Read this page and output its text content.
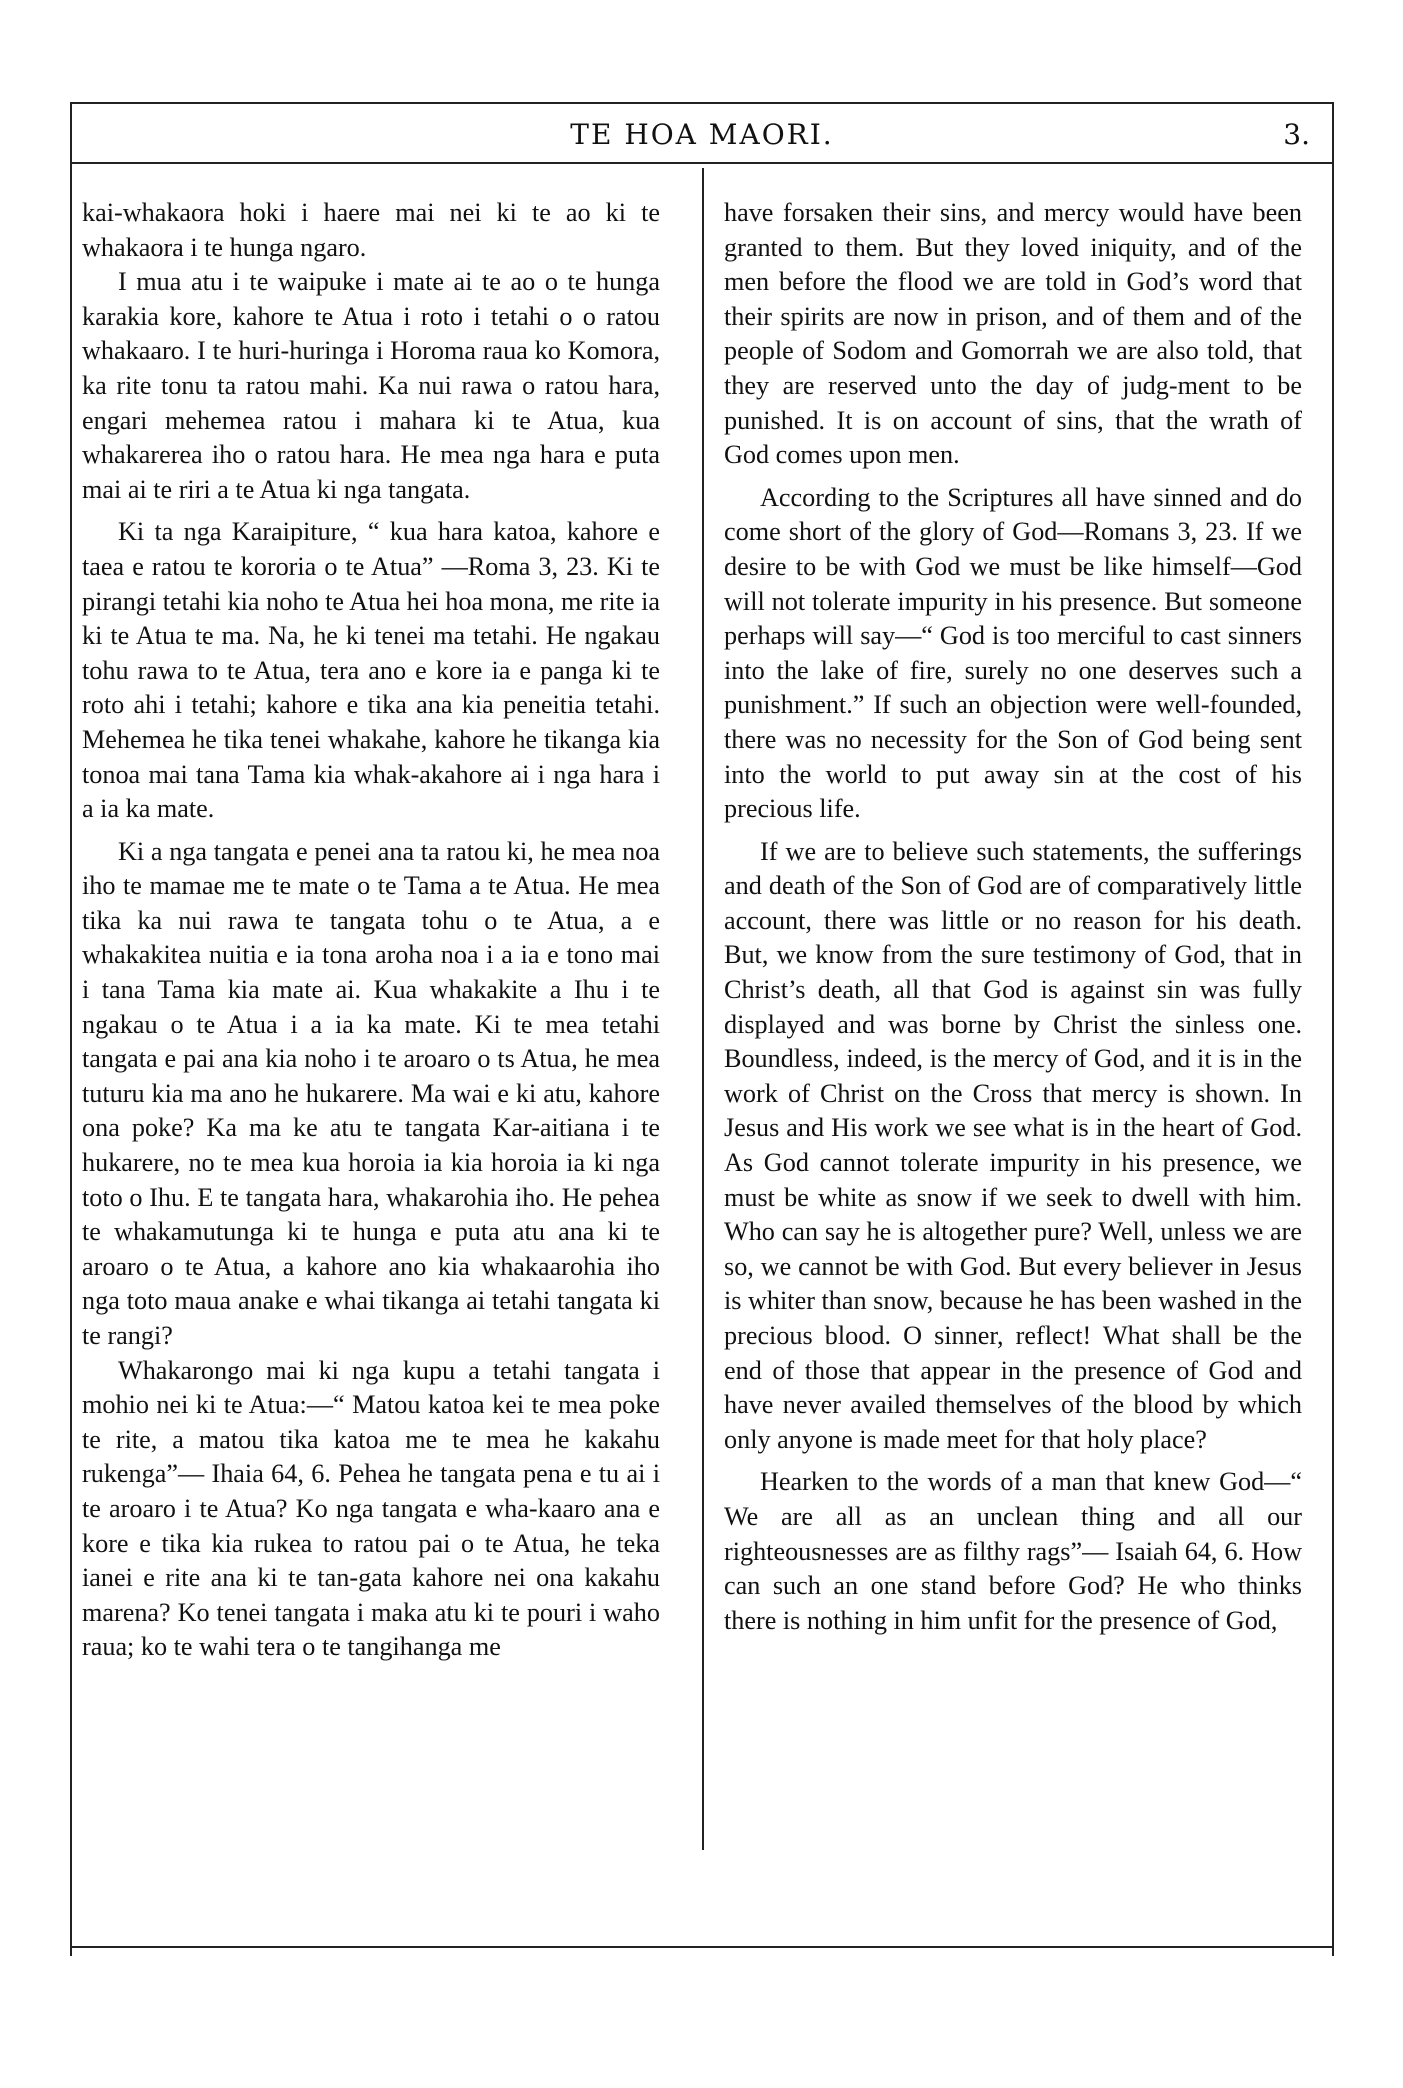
TE HOA MAORI.	3.

kai-whakaora hoki i haere mai nei ki te ao ki te whakaora i te hunga ngaro.

I mua atu i te waipuke i mate ai te ao o te hunga karakia kore, kahore te Atua i roto i tetahi o o ratou whakaaro. I te huri-huringa i Horoma raua ko Komora, ka rite tonu ta ratou mahi. Ka nui rawa o ratou hara, engari mehemea ratou i mahara ki te Atua, kua whakarerea iho o ratou hara. He mea nga hara e puta mai ai te riri a te Atua ki nga tangata.

Ki ta nga Karaipiture, “ kua hara katoa, kahore e taea e ratou te kororia o te Atua” —Roma 3, 23. Ki te pirangi tetahi kia noho te Atua hei hoa mona, me rite ia ki te Atua te ma. Na, he ki tenei ma tetahi. He ngakau tohu rawa to te Atua, tera ano e kore ia e panga ki te roto ahi i tetahi; kahore e tika ana kia peneitia tetahi. Mehemea he tika tenei whakahe, kahore he tikanga kia tonoa mai tana Tama kia whak-akahore ai i nga hara i a ia ka mate.

Ki a nga tangata e penei ana ta ratou ki, he mea noa iho te mamae me te mate o te Tama a te Atua. He mea tika ka nui rawa te tangata tohu o te Atua, a e whakakitea nuitia e ia tona aroha noa i a ia e tono mai i tana Tama kia mate ai. Kua whakakite a Ihu i te ngakau o te Atua i a ia ka mate. Ki te mea tetahi tangata e pai ana kia noho i te aroaro o ts Atua, he mea tuturu kia ma ano he hukarere. Ma wai e ki atu, kahore ona poke? Ka ma ke atu te tangata Kar-aitiana i te hukarere, no te mea kua horoia ia kia horoia ia ki nga toto o Ihu. E te tangata hara, whakarohia iho. He pehea te whakamutunga ki te hunga e puta atu ana ki te aroaro o te Atua, a kahore ano kia whakaarohia iho nga toto maua anake e whai tikanga ai tetahi tangata ki te rangi?

Whakarongo mai ki nga kupu a tetahi tangata i mohio nei ki te Atua:—“ Matou katoa kei te mea poke te rite, a matou tika katoa me te mea he kakahu rukenga”— Ihaia 64, 6. Pehea he tangata pena e tu ai i te aroaro i te Atua? Ko nga tangata e wha-kaaro ana e kore e tika kia rukea to ratou pai o te Atua, he teka ianei e rite ana ki te tan-gata kahore nei ona kakahu marena? Ko tenei tangata i maka atu ki te pouri i waho raua; ko te wahi tera o te tangihanga me

have forsaken their sins, and mercy would have been granted to them. But they loved iniquity, and of the men before the flood we are told in God’s word that their spirits are now in prison, and of them and of the people of Sodom and Gomorrah we are also told, that they are reserved unto the day of judg-ment to be punished. It is on account of sins, that the wrath of God comes upon men.

According to the Scriptures all have sinned and do come short of the glory of God—Romans 3, 23. If we desire to be with God we must be like himself—God will not tolerate impurity in his presence. But someone perhaps will say—“ God is too merciful to cast sinners into the lake of fire, surely no one deserves such a punishment.” If such an objection were well-founded, there was no necessity for the Son of God being sent into the world to put away sin at the cost of his precious life.

If we are to believe such statements, the sufferings and death of the Son of God are of comparatively little account, there was little or no reason for his death. But, we know from the sure testimony of God, that in Christ’s death, all that God is against sin was fully displayed and was borne by Christ the sinless one. Boundless, indeed, is the mercy of God, and it is in the work of Christ on the Cross that mercy is shown. In Jesus and His work we see what is in the heart of God. As God cannot tolerate impurity in his presence, we must be white as snow if we seek to dwell with him. Who can say he is altogether pure? Well, unless we are so, we cannot be with God. But every believer in Jesus is whiter than snow, because he has been washed in the precious blood. O sinner, reflect! What shall be the end of those that appear in the presence of God and have never availed themselves of the blood by which only anyone is made meet for that holy place?

Hearken to the words of a man that knew God—“ We are all as an unclean thing and all our righteousnesses are as filthy rags”— Isaiah 64, 6. How can such an one stand before God? He who thinks there is nothing in him unfit for the presence of God,
